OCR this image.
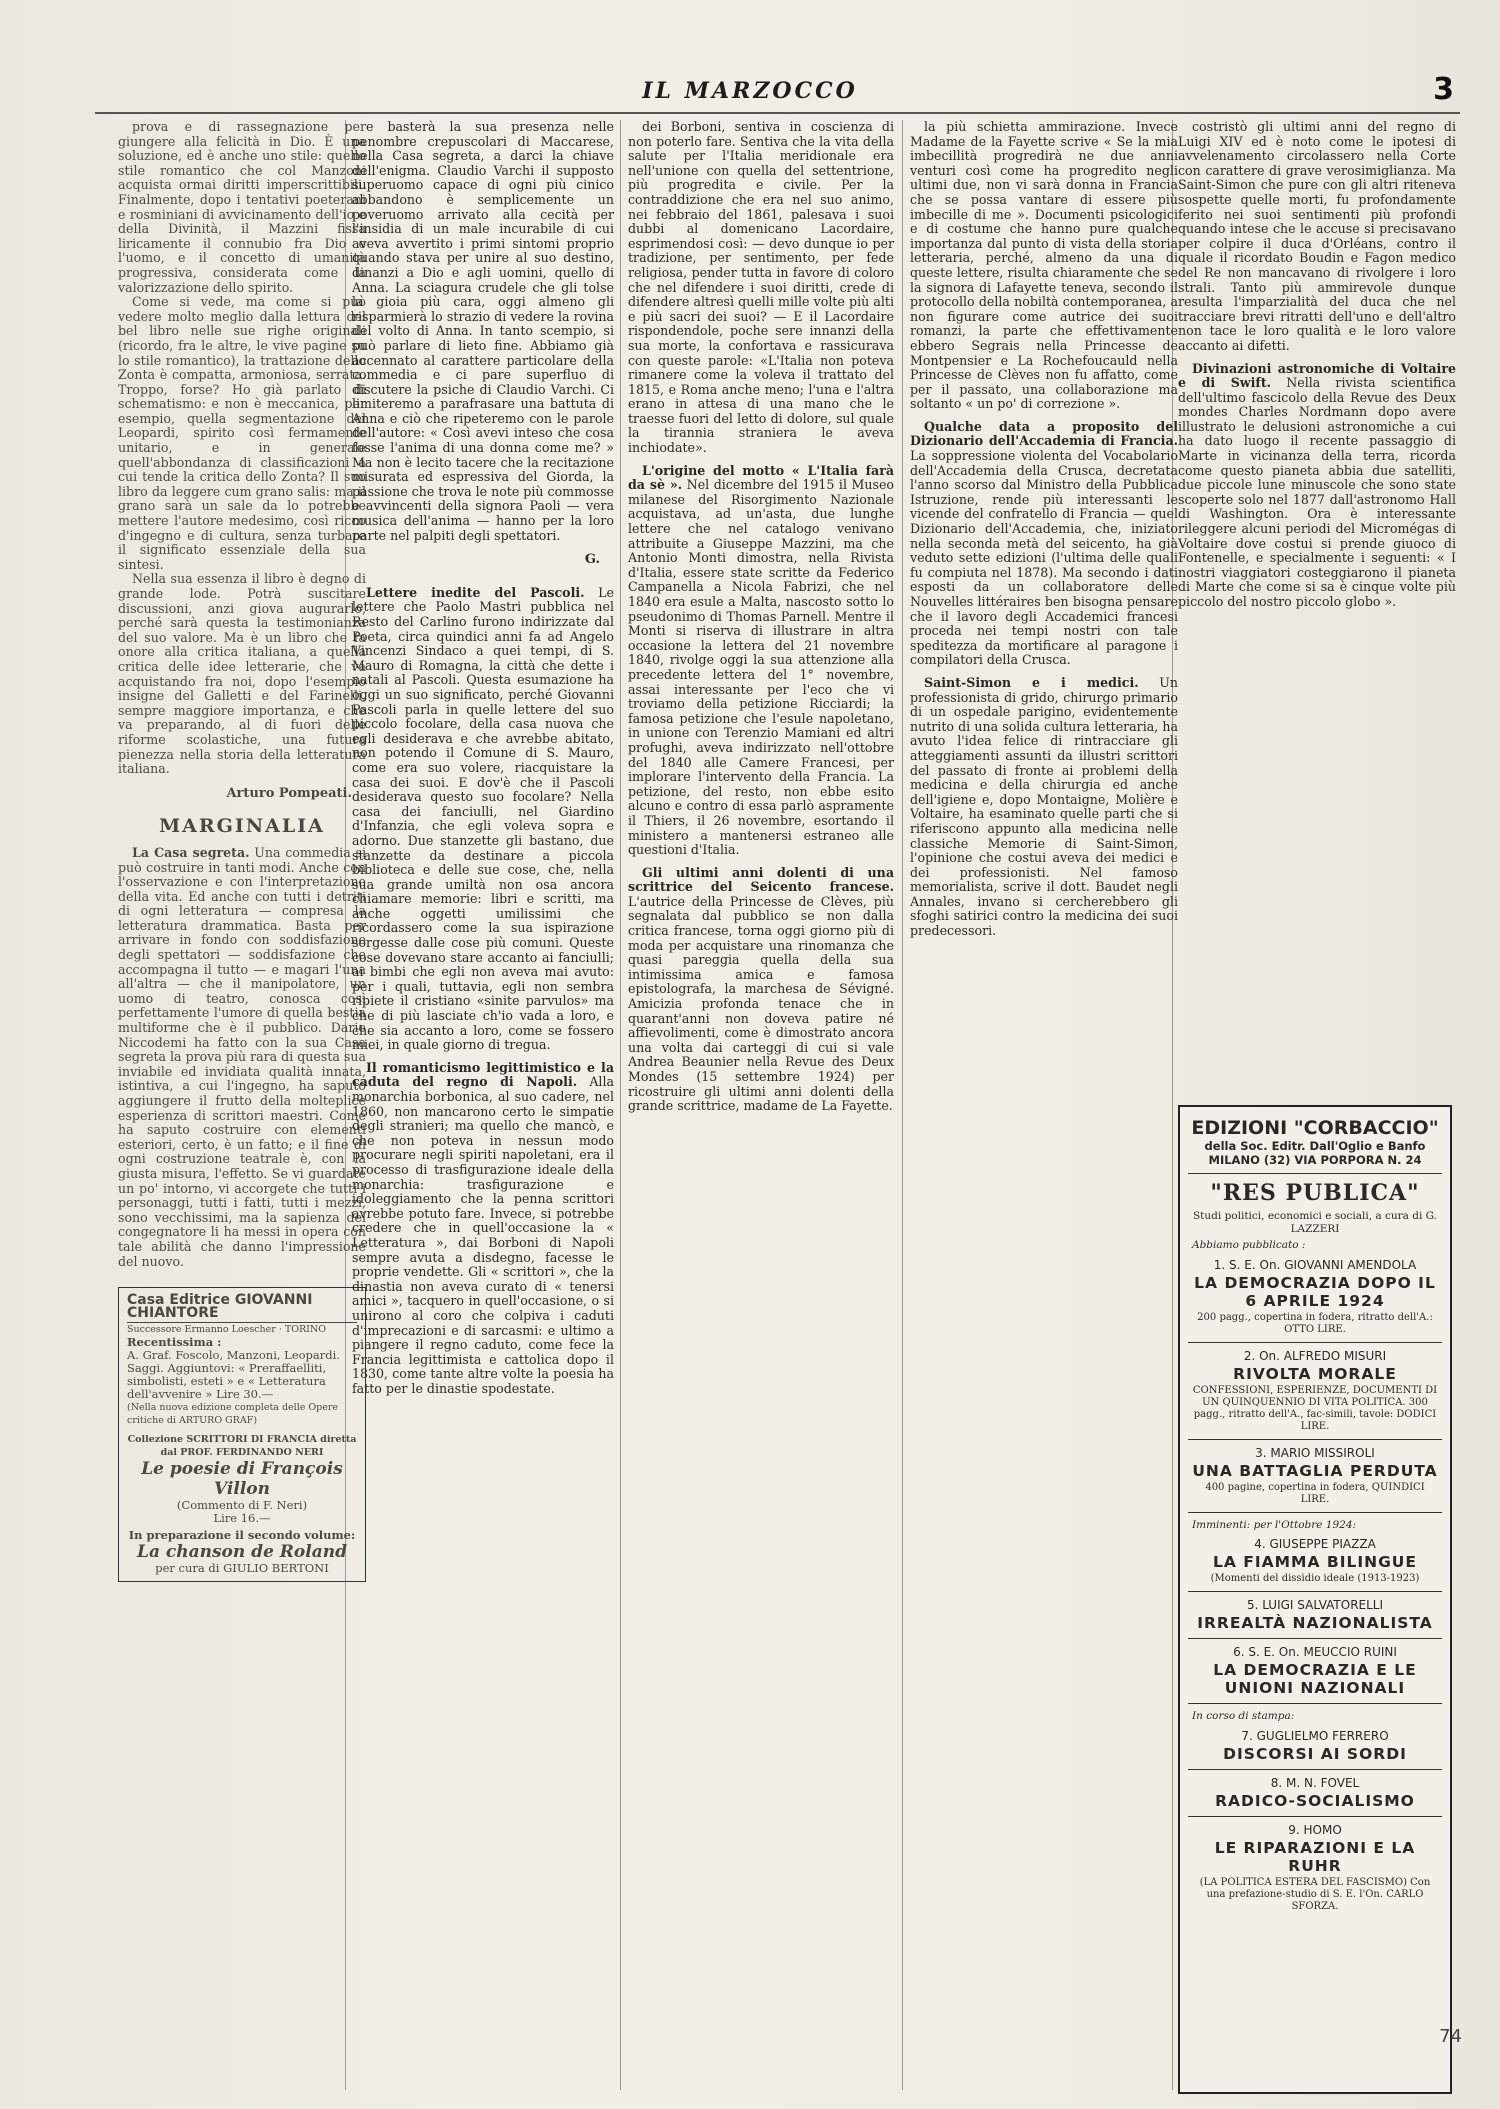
IL MARZOCCO	3

prova e di rassegnazione per giungere alla felicità in Dio. È una soluzione, ed è anche uno stile: quello stile romantico che col Manzoni acquista ormai diritti imperscrittibili. Finalmente, dopo i tentativi poeterani e rosminiani di avvicinamento dell'io e della Divinità, il Mazzini fissa liricamente il connubio fra Dio e l'uomo, e il concetto di umanità progressiva, considerata come la valorizzazione dello spirito.

Come si vede, ma come si può vedere molto meglio dalla lettura del bel libro nelle sue righe originali (ricordo, fra le altre, le vive pagine su lo stile romantico), la trattazione dello Zonta è compatta, armoniosa, serrata. Troppo, forse? Ho già parlato di schematismo: e non è meccanica, per esempio, quella segmentazione del Leopardi, spirito così fermamente unitario, e in generale quell'abbondanza di classificazioni a cui tende la critica dello Zonta? Il suo libro da leggere cum grano salis: ma il grano sarà un sale da lo potrebbe mettere l'autore medesimo, così ricco d'ingegno e di cultura, senza turbare il significato essenziale della sua sintesi.

Nella sua essenza il libro è degno di grande lode. Potrà suscitare discussioni, anzi giova augurarlo, perché sarà questa la testimonianza del suo valore. Ma è un libro che fa onore alla critica italiana, a quella critica delle idee letterarie, che va acquistando fra noi, dopo l'esempio insigne del Galletti e del Farinelli, sempre maggiore importanza, e che va preparando, al di fuori delle riforme scolastiche, una futura pienezza nella storia della letteratura italiana.

Arturo Pompeati.
MARGINALIA

La Casa segreta. Una commedia si può costruire in tanti modi. Anche con l'osservazione e con l'interpretazione della vita. Ed anche con tutti i detriti di ogni letteratura — compresa la letteratura drammatica. Basta per arrivare in fondo con soddisfazione degli spettatori — soddisfazione che accompagna il tutto — e magari l'una all'altra — che il manipolatore, un uomo di teatro, conosca così perfettamente l'umore di quella bestia multiforme che è il pubblico. Dario Niccodemi ha fatto con la sua Casa segreta la prova più rara di questa sua inviabile ed invidiata qualità innata, istintiva, a cui l'ingegno, ha saputo aggiungere il frutto della molteplice esperienza di scrittori maestri. Come ha saputo costruire con elementi esteriori, certo, è un fatto; e il fine di ogni costruzione teatrale è, con la giusta misura, l'effetto. Se vi guardate un po' intorno, vi accorgete che tutti i personaggi, tutti i fatti, tutti i mezzi, sono vecchissimi, ma la sapienza del congegnatore li ha messi in opera con tale abilità che danno l'impressione del nuovo.

Casa Editrice GIOVANNI CHIANTORE
Successore Ermanno Loescher · TORINO
Recentissima :
A. Graf. Foscolo, Manzoni, Leopardi. Saggi. Aggiuntovi: « Preraffaelliti, simbolisti, esteti » e « Letteratura dell'avvenire » Lire 30.—
(Nella nuova edizione completa delle Opere critiche di ARTURO GRAF)
Collezione SCRITTORI DI FRANCIA diretta dal PROF. FERDINANDO NERI
Le poesie di François Villon
(Commento di F. Neri)
Lire 16.—
In preparazione il secondo volume:
La chanson de Roland
per cura di GIULIO BERTONI

e basterà la sua presenza nelle penombre crepuscolari di Maccarese, nella Casa segreta, a darci la chiave dell'enigma. Claudio Varchi il supposto superuomo capace di ogni più cinico abbandono è semplicemente un poveruomo arrivato alla cecità per l'insidia di un male incurabile di cui aveva avvertito i primi sintomi proprio quando stava per unire al suo destino, dinanzi a Dio e agli uomini, quello di Anna. La sciagura crudele che gli tolse la gioia più cara, oggi almeno gli risparmierà lo strazio di vedere la rovina del volto di Anna. In tanto scempio, si può parlare di lieto fine. Abbiamo già accennato al carattere particolare della commedia e ci pare superfluo di discutere la psiche di Claudio Varchi. Ci limiteremo a parafrasare una battuta di Anna e ciò che ripeteremo con le parole dell'autore: « Così avevi inteso che cosa fosse l'anima di una donna come me? » Ma non è lecito tacere che la recitazione misurata ed espressiva del Giorda, la passione che trova le note più commosse e avvincenti della signora Paoli — vera musica dell'anima — hanno per la loro parte nel palpiti degli spettatori.

G.

Lettere inedite del Pascoli. Le lettere che Paolo Mastri pubblica nel Resto del Carlino furono indirizzate dal Poeta, circa quindici anni fa ad Angelo Vincenzi Sindaco a quei tempi, di S. Mauro di Romagna, la città che dette i natali al Pascoli. Questa esumazione ha oggi un suo significato, perché Giovanni Pascoli parla in quelle lettere del suo piccolo focolare, della casa nuova che egli desiderava e che avrebbe abitato, non potendo il Comune di S. Mauro, come era suo volere, riacquistare la casa dei suoi. E dov'è che il Pascoli desiderava questo suo focolare? Nella casa dei fanciulli, nel Giardino d'Infanzia, che egli voleva sopra e adorno. Due stanzette gli bastano, due stanzette da destinare a piccola biblioteca e delle sue cose, che, nella sua grande umiltà non osa ancora chiamare memorie: libri e scritti, ma anche oggetti umilissimi che ricordassero come la sua ispirazione sorgesse dalle cose più comuni. Queste cose dovevano stare accanto ai fanciulli; ai bimbi che egli non aveva mai avuto: per i quali, tuttavia, egli non sembra ripiete il cristiano «sinite parvulos» ma che di più lasciate ch'io vada a loro, e che sia accanto a loro, come se fossero miei, in quale giorno di tregua.

Il romanticismo legittimistico e la caduta del regno di Napoli. Alla monarchia borbonica, al suo cadere, nel 1860, non mancarono certo le simpatie degli stranieri; ma quello che mancò, e che non poteva in nessun modo procurare negli spiriti napoletani, era il processo di trasfigurazione ideale della monarchia: trasfigurazione e idoleggiamento che la penna scrittori avrebbe potuto fare. Invece, si potrebbe credere che in quell'occasione la « Letteratura », dai Borboni di Napoli sempre avuta a disdegno, facesse le proprie vendette. Gli « scrittori », che la dinastia non aveva curato di « tenersi amici », tacquero in quell'occasione, o si unirono al coro che colpiva i caduti d'imprecazioni e di sarcasmi: e ultimo a piangere il regno caduto, come fece la Francia legittimista e cattolica dopo il 1830, come tante altre volte la poesia ha fatto per le dinastie spodestate.

dei Borboni, sentiva in coscienza di non poterlo fare. Sentiva che la vita della salute per l'Italia meridionale era nell'unione con quella del settentrione, più progredita e civile. Per la contraddizione che era nel suo animo, nei febbraio del 1861, palesava i suoi dubbi al domenicano Lacordaire, esprimendosi così: — devo dunque io per tradizione, per sentimento, per fede religiosa, pender tutta in favore di coloro che nel difendere i suoi diritti, crede di difendere altresì quelli mille volte più alti e più sacri dei suoi? — E il Lacordaire rispondendole, poche sere innanzi della sua morte, la confortava e rassicurava con queste parole: «L'Italia non poteva rimanere come la voleva il trattato del 1815, e Roma anche meno; l'una e l'altra erano in attesa di una mano che le traesse fuori del letto di dolore, sul quale la tirannia straniera le aveva inchiodate».

L'origine del motto « L'Italia farà da sè ». Nel dicembre del 1915 il Museo milanese del Risorgimento Nazionale acquistava, ad un'asta, due lunghe lettere che nel catalogo venivano attribuite a Giuseppe Mazzini, ma che Antonio Monti dimostra, nella Rivista d'Italia, essere state scritte da Federico Campanella a Nicola Fabrizi, che nel 1840 era esule a Malta, nascosto sotto lo pseudonimo di Thomas Parnell. Mentre il Monti si riserva di illustrare in altra occasione la lettera del 21 novembre 1840, rivolge oggi la sua attenzione alla precedente lettera del 1° novembre, assai interessante per l'eco che vi troviamo della petizione Ricciardi; la famosa petizione che l'esule napoletano, in unione con Terenzio Mamiani ed altri profughi, aveva indirizzato nell'ottobre del 1840 alle Camere Francesi, per implorare l'intervento della Francia. La petizione, del resto, non ebbe esito alcuno e contro di essa parlò aspramente il Thiers, il 26 novembre, esortando il ministero a mantenersi estraneo alle questioni d'Italia.

Gli ultimi anni dolenti di una scrittrice del Seicento francese. L'autrice della Princesse de Clèves, più segnalata dal pubblico se non dalla critica francese, torna oggi giorno più di moda per acquistare una rinomanza che quasi pareggia quella della sua intimissima amica e famosa epistolografa, la marchesa de Sévigné. Amicizia profonda tenace che in quarant'anni non doveva patire né affievolimenti, come è dimostrato ancora una volta dai carteggi di cui si vale Andrea Beaunier nella Revue des Deux Mondes (15 settembre 1924) per ricostruire gli ultimi anni dolenti della grande scrittrice, madame de La Fayette.

la più schietta ammirazione. Invece Madame de la Fayette scrive « Se la mia imbecillità progredirà ne due anni venturi così come ha progredito negli ultimi due, non vi sarà donna in Francia che se possa vantare di essere più imbecille di me ». Documenti psicologici e di costume che hanno pure qualche importanza dal punto di vista della storia letteraria, perché, almeno da una di queste lettere, risulta chiaramente che se la signora di Lafayette teneva, secondo il protocollo della nobiltà contemporanea, a non figurare come autrice dei suoi romanzi, la parte che effettivamente ebbero Segrais nella Princesse de Montpensier e La Rochefoucauld nella Princesse de Clèves non fu affatto, come per il passato, una collaborazione ma soltanto « un po' di correzione ».

Qualche data a proposito del Dizionario dell'Accademia di Francia. La soppressione violenta del Vocabolario dell'Accademia della Crusca, decretata l'anno scorso dal Ministro della Pubblica Istruzione, rende più interessanti le vicende del confratello di Francia — quel Dizionario dell'Accademia, che, iniziato nella seconda metà del seicento, ha già veduto sette edizioni (l'ultima delle quali fu compiuta nel 1878). Ma secondo i dati esposti da un collaboratore delle Nouvelles littéraires ben bisogna pensare che il lavoro degli Accademici francesi proceda nei tempi nostri con tale speditezza da mortificare al paragone i compilatori della Crusca.

Saint-Simon e i medici. Un professionista di grido, chirurgo primario di un ospedale parigino, evidentemente nutrito di una solida cultura letteraria, ha avuto l'idea felice di rintracciare gli atteggiamenti assunti da illustri scrittori del passato di fronte ai problemi della medicina e della chirurgia ed anche dell'igiene e, dopo Montaigne, Molière e Voltaire, ha esaminato quelle parti che si riferiscono appunto alla medicina nelle classiche Memorie di Saint-Simon, l'opinione che costui aveva dei medici e dei professionisti. Nel famoso memorialista, scrive il dott. Baudet negli Annales, invano si cercherebbero gli sfoghi satirici contro la medicina dei suoi predecessori.

costristò gli ultimi anni del regno di Luigi XIV ed è noto come le ipotesi di avvelenamento circolassero nella Corte con carattere di grave verosimiglianza. Ma Saint-Simon che pure con gli altri riteneva sospette quelle morti, fu profondamente ferito nei suoi sentimenti più profondi quando intese che le accuse si precisavano per colpire il duca d'Orléans, contro il quale il ricordato Boudin e Fagon medico del Re non mancavano di rivolgere i loro strali. Tanto più ammirevole dunque resulta l'imparzialità del duca che nel tracciare brevi ritratti dell'uno e dell'altro non tace le loro qualità e le loro valore accanto ai difetti.

Divinazioni astronomiche di Voltaire e di Swift. Nella rivista scientifica dell'ultimo fascicolo della Revue des Deux mondes Charles Nordmann dopo avere illustrato le delusioni astronomiche a cui ha dato luogo il recente passaggio di Marte in vicinanza della terra, ricorda come questo pianeta abbia due satelliti, due piccole lune minuscole che sono state scoperte solo nel 1877 dall'astronomo Hall di Washington. Ora è interessante rileggere alcuni periodi del Micromégas di Voltaire dove costui si prende giuoco di Fontenelle, e specialmente i seguenti: « I nostri viaggiatori costeggiarono il pianeta di Marte che come si sa è cinque volte più piccolo del nostro piccolo globo ».

EDIZIONI "CORBACCIO"
della Soc. Editr. Dall'Oglio e Banfo
MILANO (32) VIA PORPORA N. 24
"RES PUBLICA"
Studi politici, economici e sociali, a cura di G. LAZZERI
Abbiamo pubblicato :
1. S. E. On. GIOVANNI AMENDOLA
LA DEMOCRAZIA DOPO IL 6 APRILE 1924
200 pagg., copertina in fodera, ritratto dell'A.: OTTO LIRE.
2. On. ALFREDO MISURI
RIVOLTA MORALE
CONFESSIONI, ESPERIENZE, DOCUMENTI DI UN QUINQUENNIO DI VITA POLITICA. 300 pagg., ritratto dell'A., fac-simili, tavole: DODICI LIRE.
3. MARIO MISSIROLI
UNA BATTAGLIA PERDUTA
400 pagine, copertina in fodera, QUINDICI LIRE.
Imminenti: per l'Ottobre 1924:
4. GIUSEPPE PIAZZA
LA FIAMMA BILINGUE
(Momenti del dissidio ideale (1913-1923)
5. LUIGI SALVATORELLI
IRREALTÀ NAZIONALISTA
6. S. E. On. MEUCCIO RUINI
LA DEMOCRAZIA E LE UNIONI NAZIONALI
In corso di stampa:
7. GUGLIELMO FERRERO
DISCORSI AI SORDI
8. M. N. FOVEL
RADICO-SOCIALISMO
9. HOMO
LE RIPARAZIONI E LA RUHR
(LA POLITICA ESTERA DEL FASCISMO) Con una prefazione-studio di S. E. l'On. CARLO SFORZA.
74
